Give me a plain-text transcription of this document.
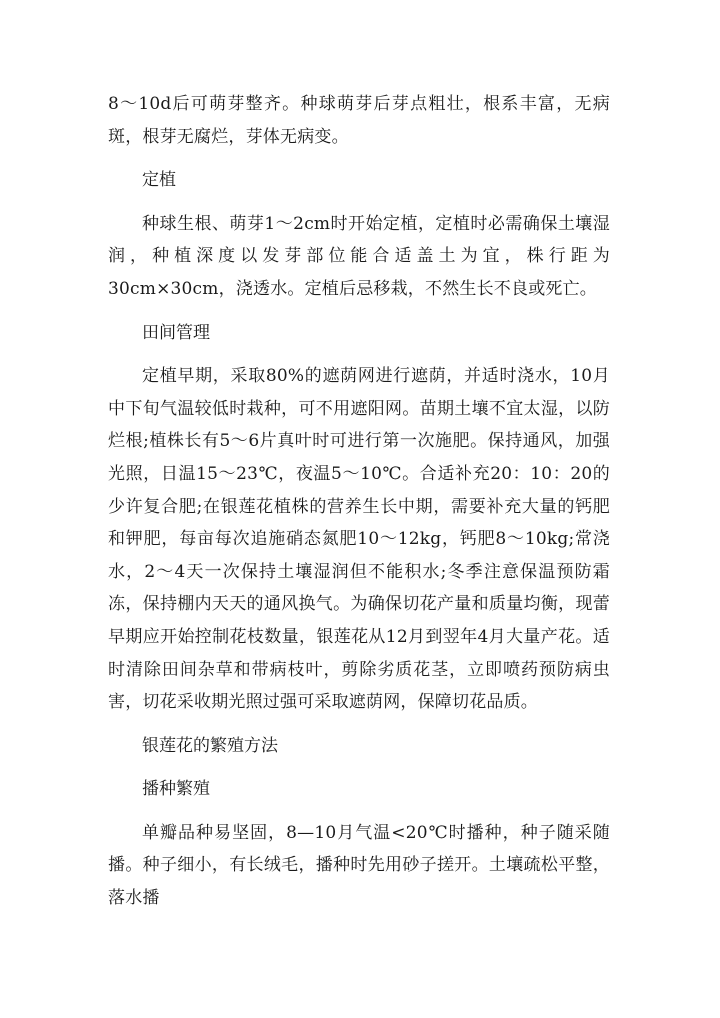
8～10d后可萌芽整齐。种球萌芽后芽点粗壮，根系丰富，无病斑，根芽无腐烂，芽体无病变。

定植

种球生根、萌芽1～2cm时开始定植，定植时必需确保土壤湿润，种植深度以发芽部位能合适盖土为宜，株行距为30cm×30cm，浇透水。定植后忌移栽，不然生长不良或死亡。

田间管理

定植早期，采取80%的遮荫网进行遮荫，并适时浇水，10月中下旬气温较低时栽种，可不用遮阳网。苗期土壤不宜太湿，以防烂根;植株长有5～6片真叶时可进行第一次施肥。保持通风，加强光照，日温15～23℃，夜温5～10℃。合适补充20：10：20的少许复合肥;在银莲花植株的营养生长中期，需要补充大量的钙肥和钾肥，每亩每次追施硝态氮肥10～12kg，钙肥8～10kg;常浇水，2～4天一次保持土壤湿润但不能积水;冬季注意保温预防霜冻，保持棚内天天的通风换气。为确保切花产量和质量均衡，现蕾早期应开始控制花枝数量，银莲花从12月到翌年4月大量产花。适时清除田间杂草和带病枝叶，剪除劣质花茎，立即喷药预防病虫害，切花采收期光照过强可采取遮荫网，保障切花品质。

银莲花的繁殖方法

播种繁殖

单瓣品种易坚固，8—10月气温<20℃时播种，种子随采随播。种子细小，有长绒毛，播种时先用砂子搓开。土壤疏松平整，落水播
